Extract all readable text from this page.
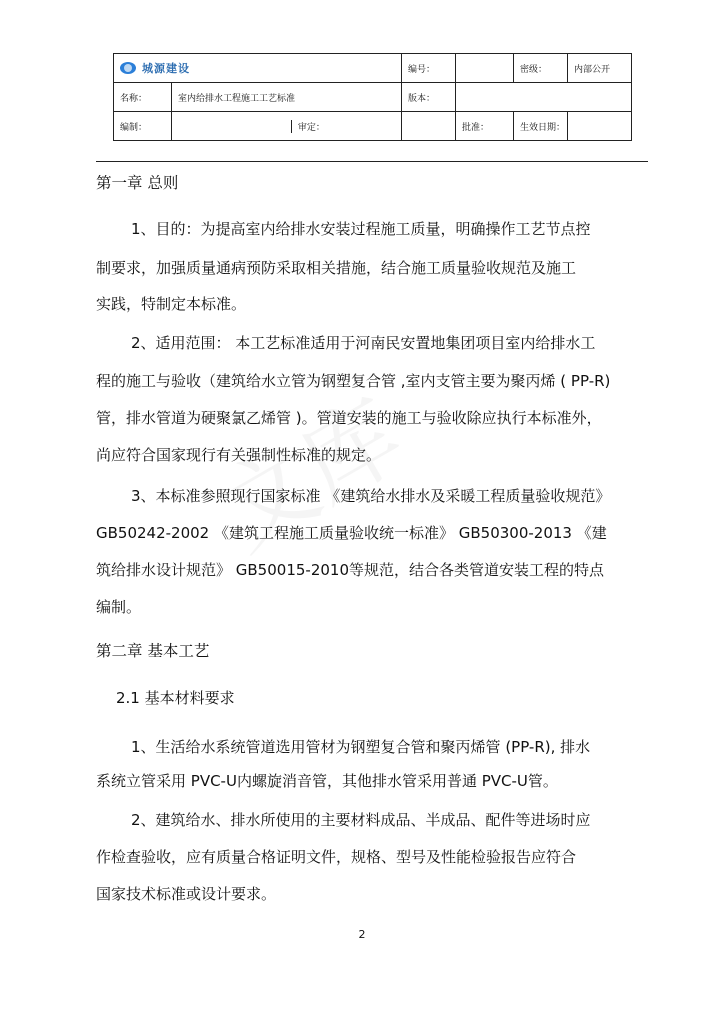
城源建设		编号：		密级：	内部公开
名称：	室内给排水工程施工工艺标准	版本：			
编制：	审定：		批准：	生效日期：	
第一章 总则
1、目的：为提高室内给排水安装过程施工质量，明确操作工艺节点控
制要求，加强质量通病预防采取相关措施，结合施工质量验收规范及施工
实践，特制定本标准。
2、适用范围： 本工艺标准适用于河南民安置地集团项目室内给排水工
程的施工与验收（建筑给水立管为钢塑复合管 ,室内支管主要为聚丙烯 ( PP-R)
管，排水管道为硬聚氯乙烯管 )。管道安装的施工与验收除应执行本标准外，
尚应符合国家现行有关强制性标准的规定。
3、本标准参照现行国家标准 《建筑给水排水及采暖工程质量验收规范》
GB50242-2002 《建筑工程施工质量验收统一标准》 GB50300-2013 《建
筑给排水设计规范》 GB50015-2010等规范，结合各类管道安装工程的特点
编制。
第二章 基本工艺
2.1 基本材料要求
1、生活给水系统管道选用管材为钢塑复合管和聚丙烯管 (PP-R), 排水
系统立管采用 PVC-U内螺旋消音管，其他排水管采用普通 PVC-U管。
2、建筑给水、排水所使用的主要材料成品、半成品、配件等进场时应
作检查验收，应有质量合格证明文件，规格、型号及性能检验报告应符合
国家技术标准或设计要求。
2
